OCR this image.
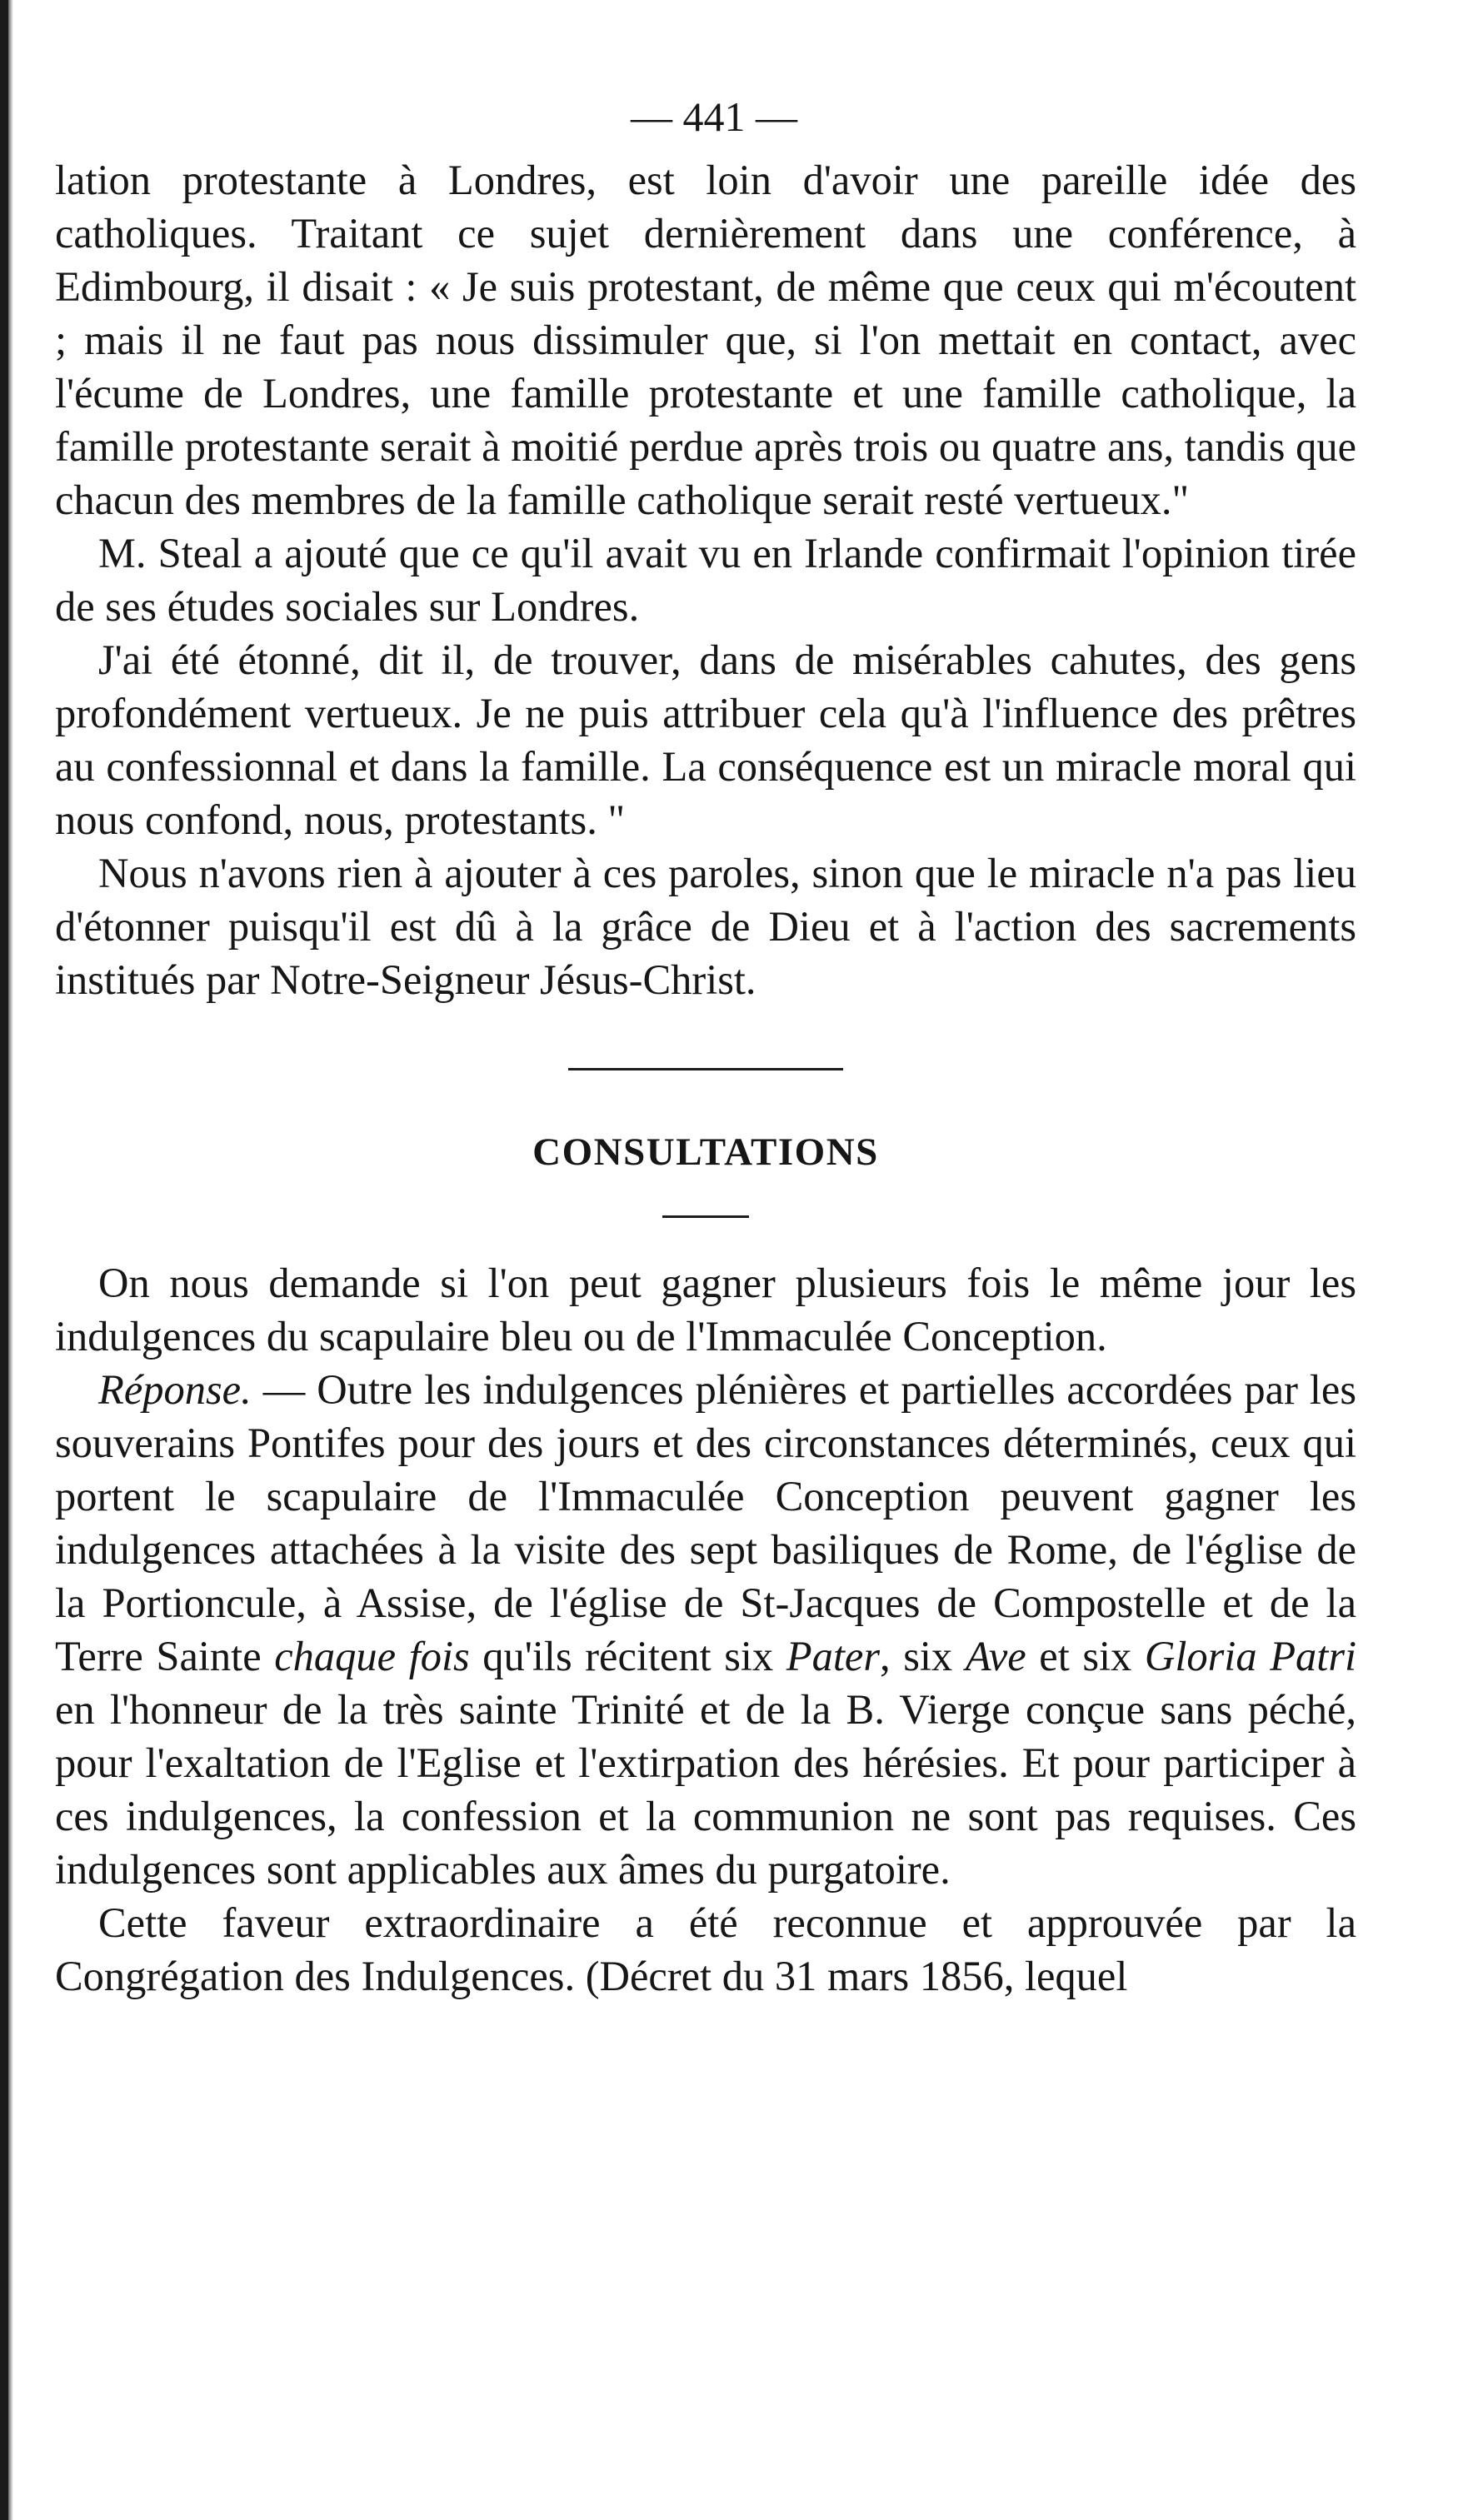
— 441 —

lation protestante à Londres, est loin d'avoir une pareille idée des catholiques. Traitant ce sujet dernièrement dans une conférence, à Edimbourg, il disait : « Je suis protestant, de même que ceux qui m'écoutent ; mais il ne faut pas nous dissimuler que, si l'on mettait en contact, avec l'écume de Londres, une famille protestante et une famille catholique, la famille protestante serait à moitié perdue après trois ou quatre ans, tandis que chacun des membres de la famille catholique serait resté vertueux."

M. Steal a ajouté que ce qu'il avait vu en Irlande confirmait l'opinion tirée de ses études sociales sur Londres.

J'ai été étonné, dit il, de trouver, dans de misérables cahutes, des gens profondément vertueux. Je ne puis attribuer cela qu'à l'influence des prêtres au confessionnal et dans la famille. La conséquence est un miracle moral qui nous confond, nous, protestants. "

Nous n'avons rien à ajouter à ces paroles, sinon que le miracle n'a pas lieu d'étonner puisqu'il est dû à la grâce de Dieu et à l'action des sacrements institués par Notre-Seigneur Jésus-Christ.

CONSULTATIONS

On nous demande si l'on peut gagner plusieurs fois le même jour les indulgences du scapulaire bleu ou de l'Immaculée Conception.

Réponse. — Outre les indulgences plénières et partielles accordées par les souverains Pontifes pour des jours et des circonstances déterminés, ceux qui portent le scapulaire de l'Immaculée Conception peuvent gagner les indulgences attachées à la visite des sept basiliques de Rome, de l'église de la Portioncule, à Assise, de l'église de St-Jacques de Compostelle et de la Terre Sainte chaque fois qu'ils récitent six Pater, six Ave et six Gloria Patri en l'honneur de la très sainte Trinité et de la B. Vierge conçue sans péché, pour l'exaltation de l'Eglise et l'extirpation des hérésies. Et pour participer à ces indulgences, la confession et la communion ne sont pas requises. Ces indulgences sont applicables aux âmes du purgatoire.

Cette faveur extraordinaire a été reconnue et approuvée par la Congrégation des Indulgences. (Décret du 31 mars 1856, lequel
